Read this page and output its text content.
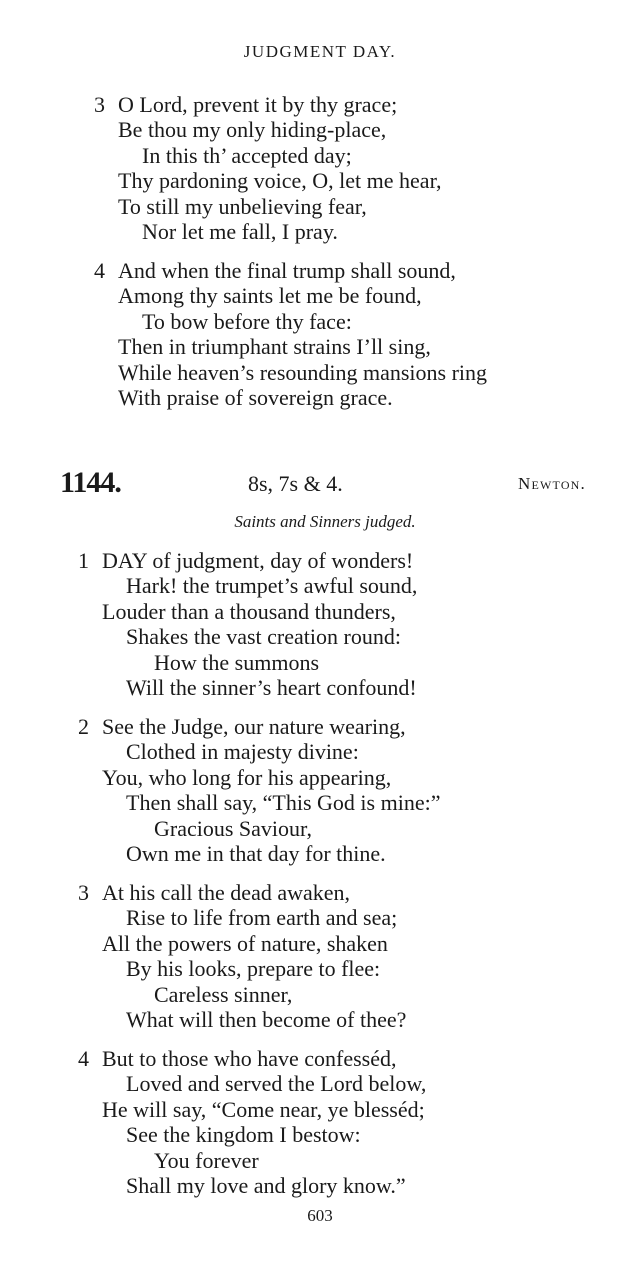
JUDGMENT DAY.
3 O Lord, prevent it by thy grace;
Be thou my only hiding-place,
In this th’ accepted day;
Thy pardoning voice, O, let me hear,
To still my unbelieving fear,
Nor let me fall, I pray.
4 And when the final trump shall sound,
Among thy saints let me be found,
To bow before thy face:
Then in triumphant strains I’ll sing,
While heaven’s resounding mansions ring
With praise of sovereign grace.
1144.	8s, 7s & 4.	Newton.
Saints and Sinners judged.
1 DAY of judgment, day of wonders!
Hark! the trumpet’s awful sound,
Louder than a thousand thunders,
Shakes the vast creation round:
How the summons
Will the sinner’s heart confound!
2 See the Judge, our nature wearing,
Clothed in majesty divine:
You, who long for his appearing,
Then shall say, “This God is mine:”
Gracious Saviour,
Own me in that day for thine.
3 At his call the dead awaken,
Rise to life from earth and sea;
All the powers of nature, shaken
By his looks, prepare to flee:
Careless sinner,
What will then become of thee?
4 But to those who have confesséd,
Loved and served the Lord below,
He will say, “Come near, ye blesséd;
See the kingdom I bestow:
You forever
Shall my love and glory know.”
603
